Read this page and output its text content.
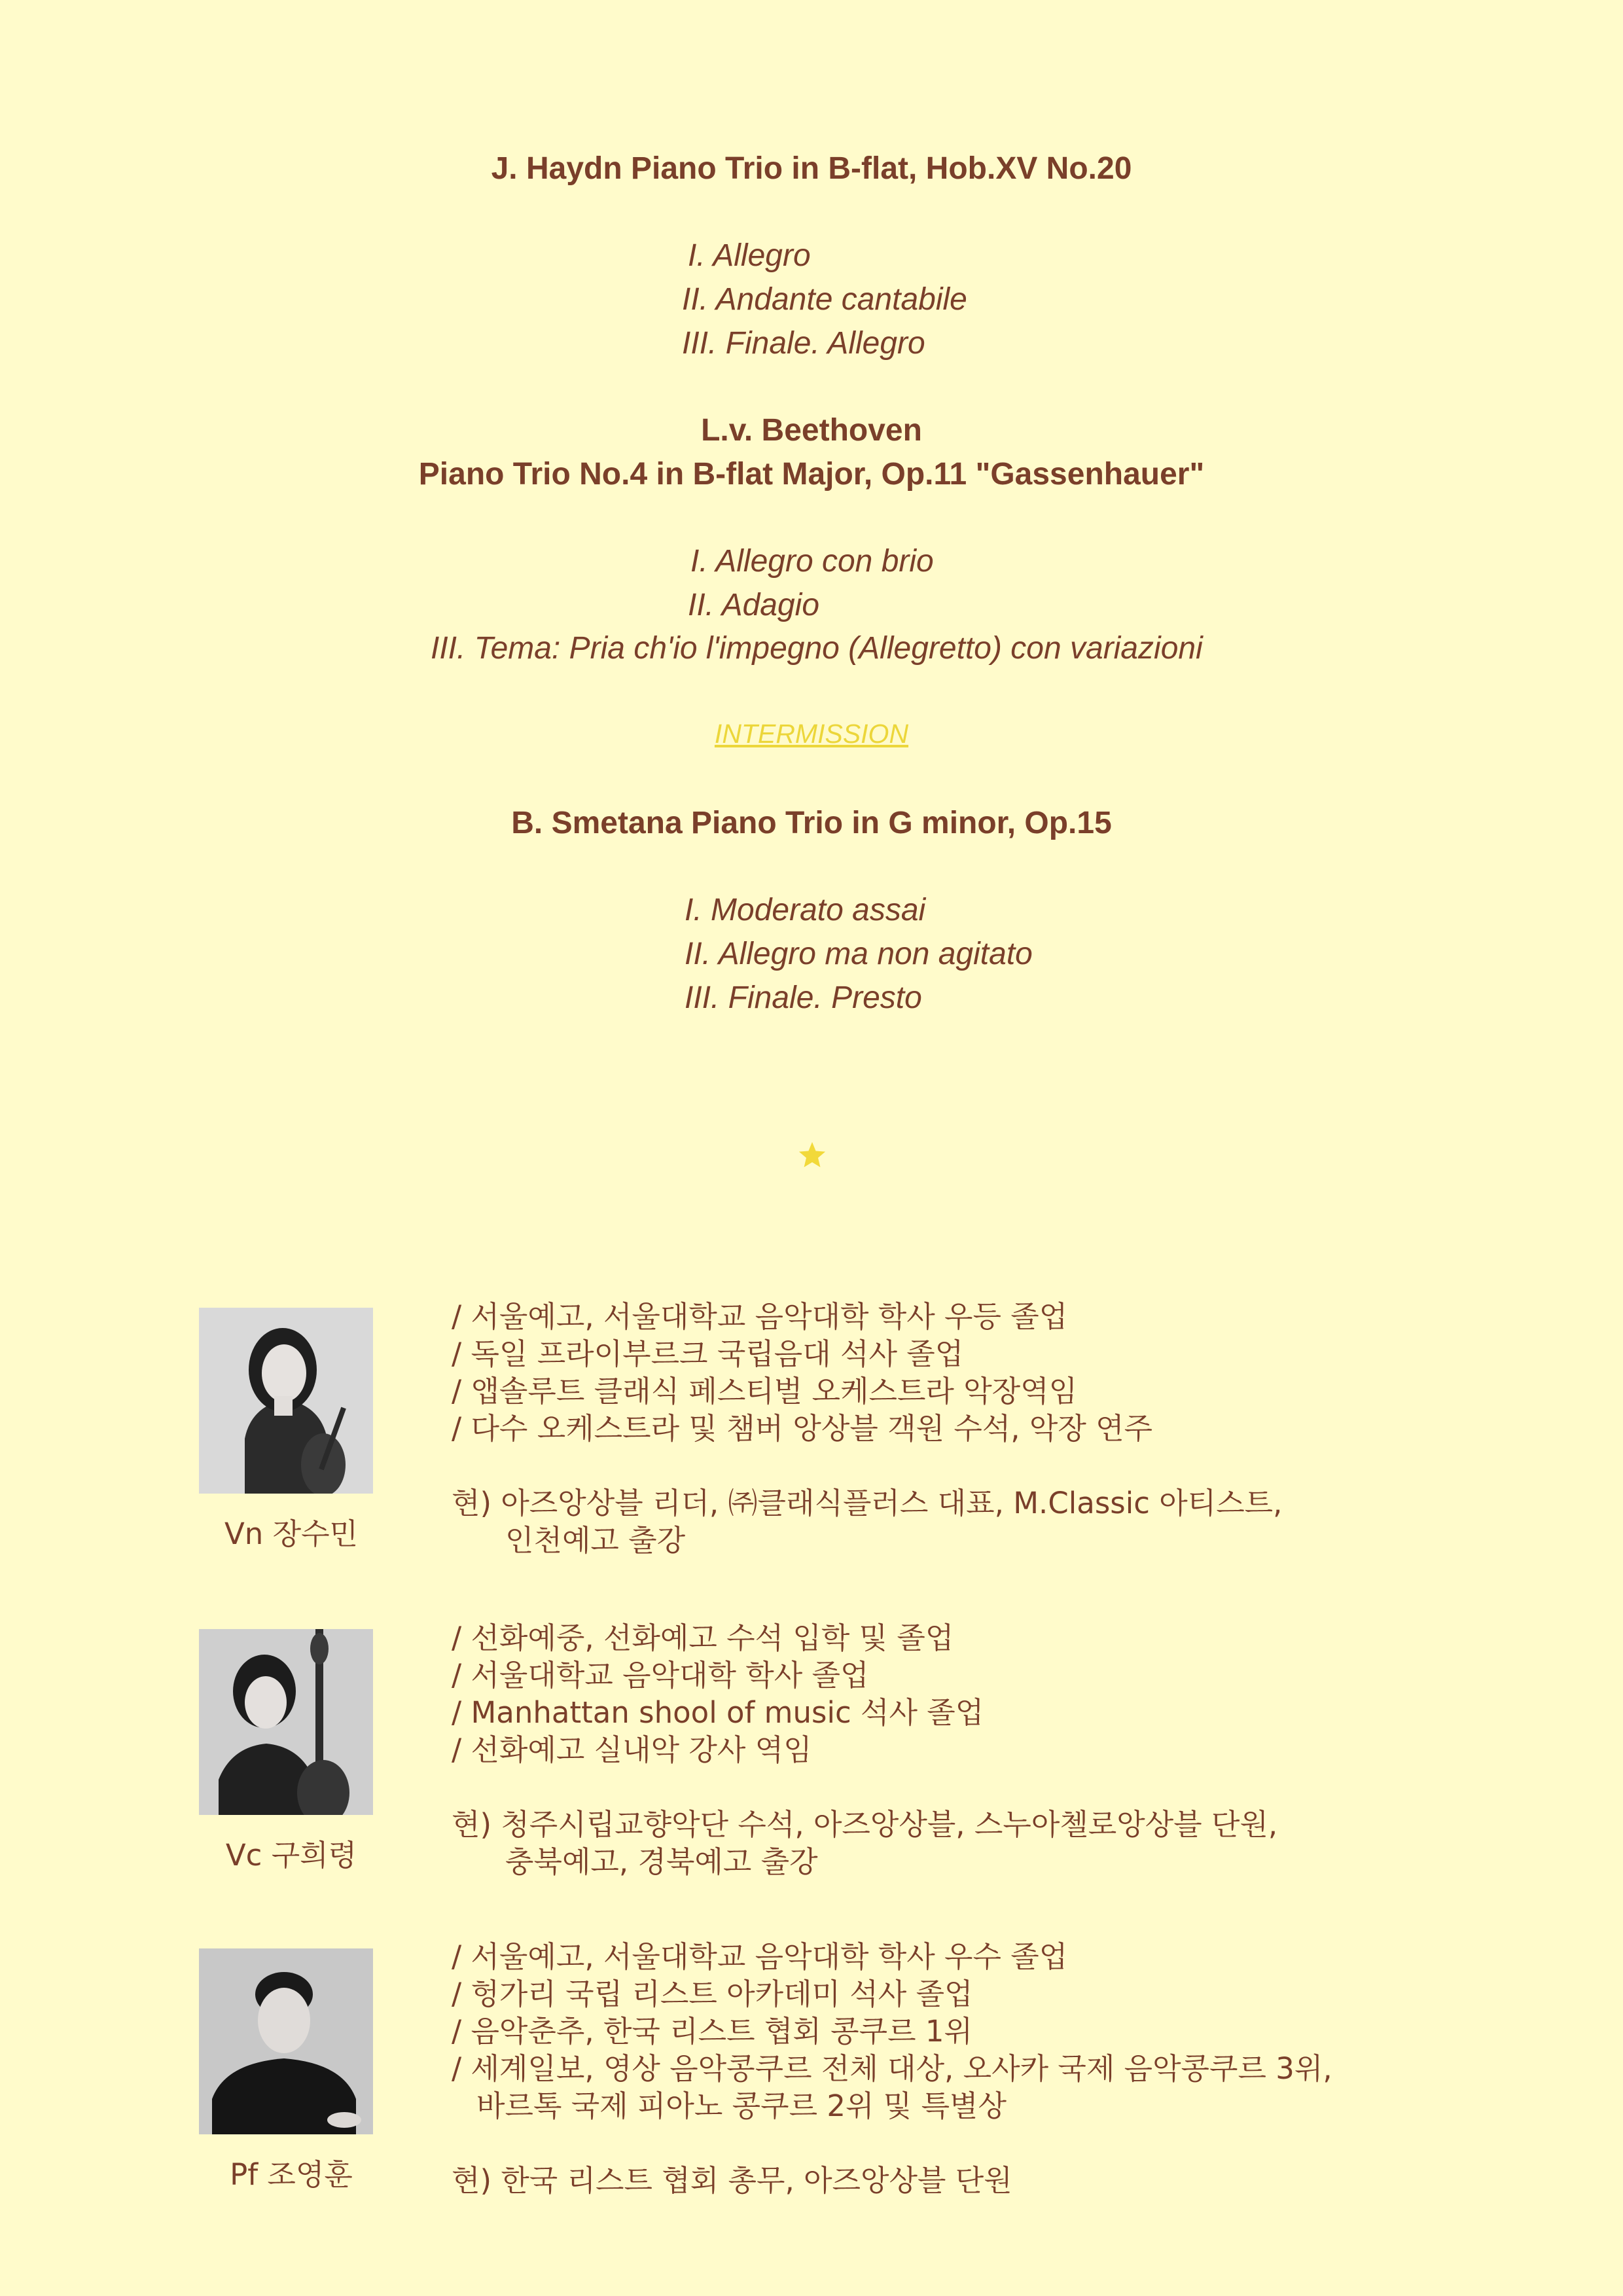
J. Haydn Piano Trio in B-flat, Hob.XV No.20
I. Allegro
II. Andante cantabile
III. Finale. Allegro
L.v. Beethoven
Piano Trio No.4 in B-flat Major, Op.11 "Gassenhauer"
I. Allegro con brio
II. Adagio
III. Tema: Pria ch'io l'impegno (Allegretto) con variazioni
INTERMISSION
B. Smetana Piano Trio in G minor, Op.15
I. Moderato assai
II. Allegro ma non agitato
III. Finale. Presto
Vn 장수민
/ 서울예고, 서울대학교 음악대학 학사 우등 졸업
/ 독일 프라이부르크 국립음대 석사 졸업
/ 앱솔루트 클래식 페스티벌 오케스트라 악장역임
/ 다수 오케스트라 및 챔버 앙상블 객원 수석, 악장 연주
현) 아즈앙상블 리더, ㈜클래식플러스 대표, M.Classic 아티스트,
인천예고 출강
Vc 구희령
/ 선화예중, 선화예고 수석 입학 및 졸업
/ 서울대학교 음악대학 학사 졸업
/ Manhattan shool of music 석사 졸업
/ 선화예고 실내악 강사 역임
현) 청주시립교향악단 수석, 아즈앙상블, 스누아첼로앙상블 단원,
충북예고, 경북예고 출강
Pf 조영훈
/ 서울예고, 서울대학교 음악대학 학사 우수 졸업
/ 헝가리 국립 리스트 아카데미 석사 졸업
/ 음악춘추, 한국 리스트 협회 콩쿠르 1위
/ 세계일보, 영상 음악콩쿠르 전체 대상, 오사카 국제 음악콩쿠르 3위,
바르톡 국제 피아노 콩쿠르 2위 및 특별상
현) 한국 리스트 협회 총무, 아즈앙상블 단원
